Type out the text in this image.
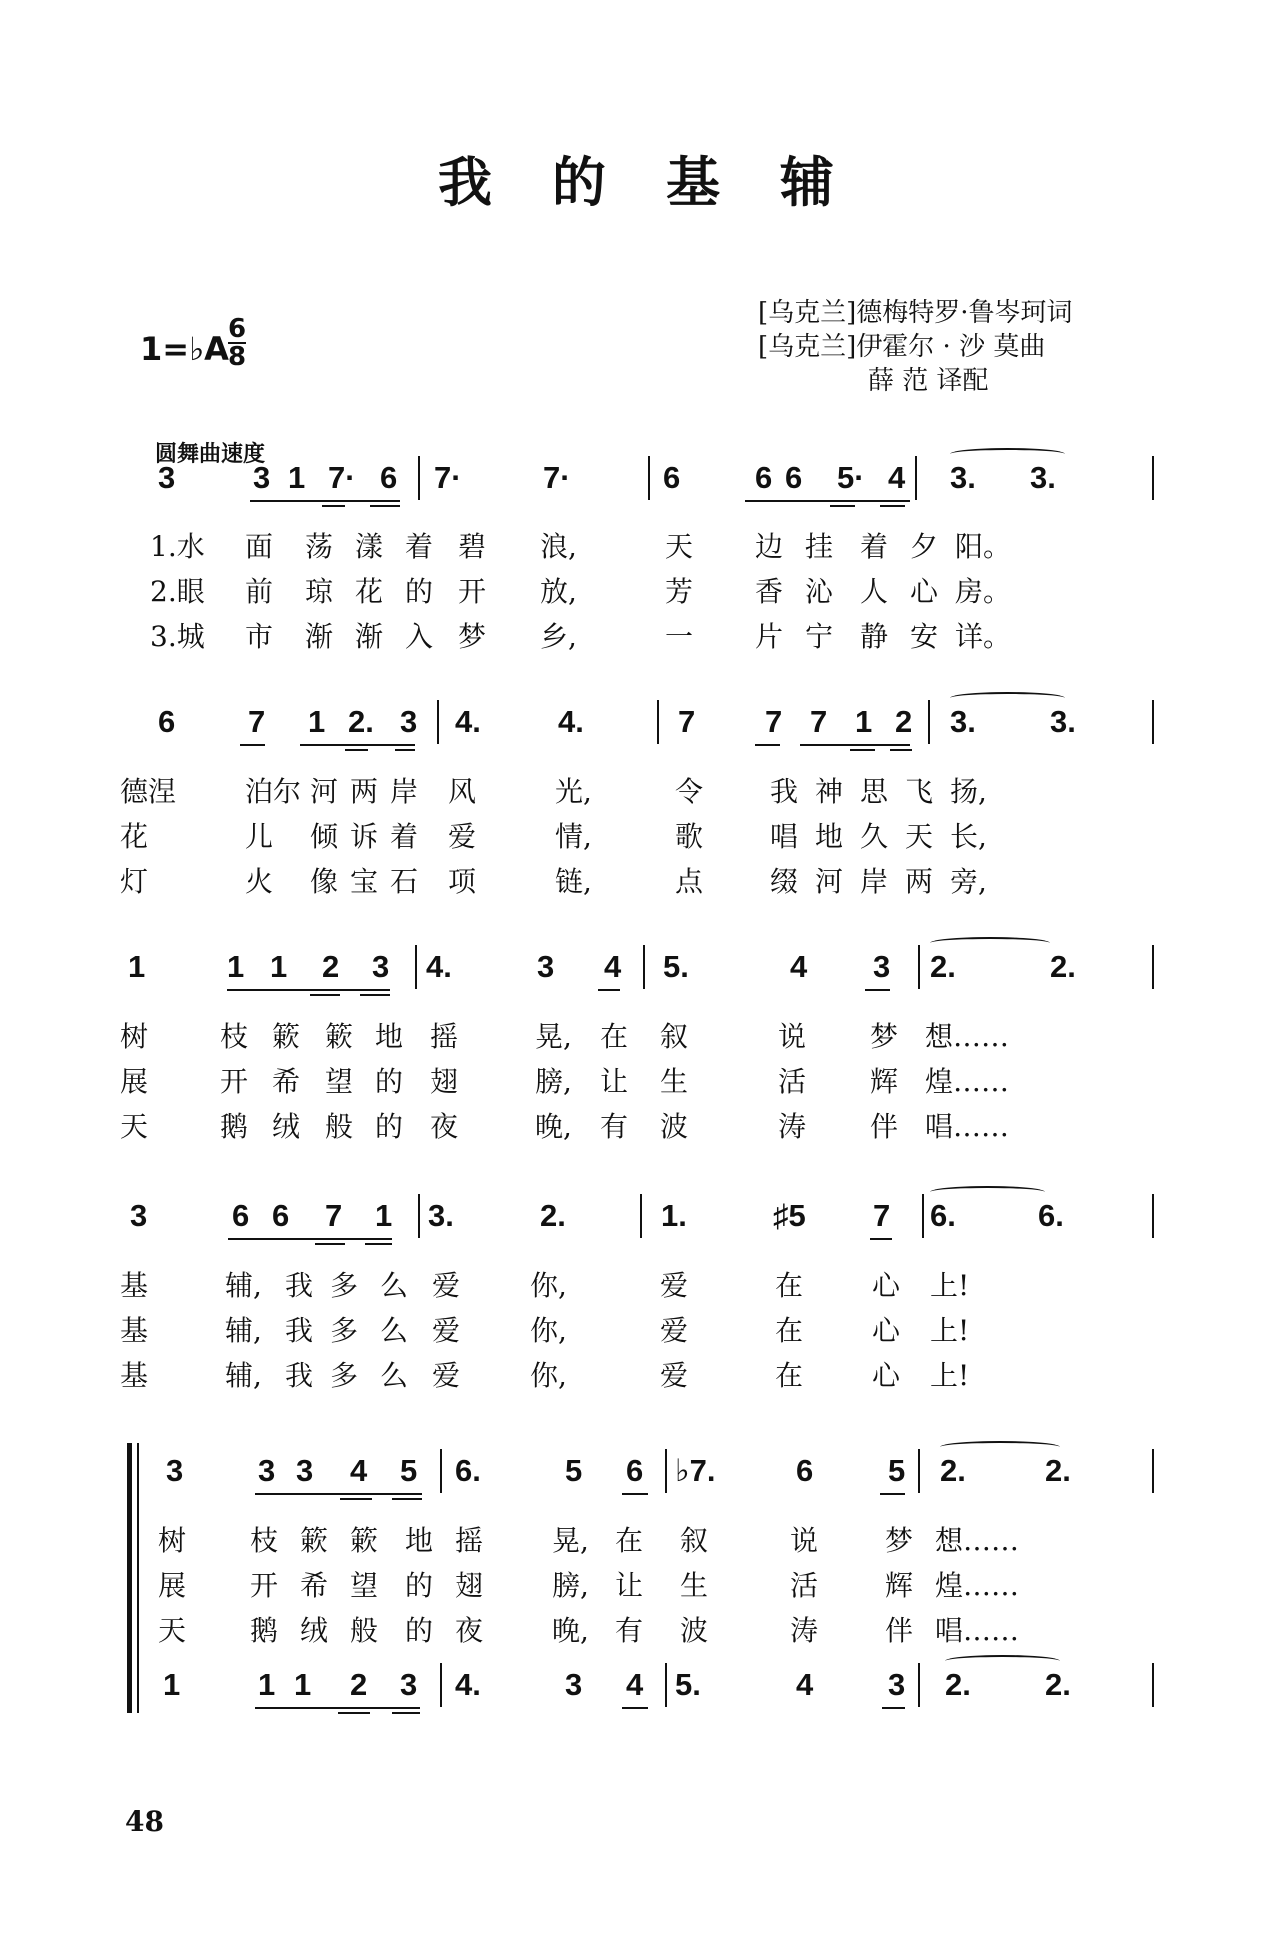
我的基辅
[乌克兰]德梅特罗·鲁岑珂词
[乌克兰]伊霍尔 · 沙 莫曲
薛 范 译配
1=♭A
6
8
圆舞曲速度
3	3 1 7· 6 7·	7·	6 6 6 5· 4 3. 3.
1.水 面 荡 漾 着 碧 浪,	天 边 挂 着 夕 阳。
2.眼 前 琼 花 的 开 放,	芳 香 沁 人 心 房。
3.城 市 渐 渐 入 梦 乡,	一 片 宁 静 安 详。
6 7 1 2. 3 4. 4.	7 7 7 1 2 3. 3.
德涅 泊尔 河 两 岸 风	光,	令 我 神 思 飞 扬,
花	儿 倾 诉 着 爱	情,	歌 唱 地 久 天 长,
灯	火 像 宝 石 项	链,	点 缀 河 岸 两 旁,
1	1 1 2 3 4.	3 4 5.	4 3 2.	2.
树	枝 簌 簌 地 摇	晃, 在 叙	说 梦 想……
展	开 希 望 的 翅	膀, 让 生	活 辉 煌……
天	鹅 绒 般 的 夜	晚, 有 波	涛 伴 唱……
3	6 6 7 1 3.	2.	1.	♯5 7 6.	6.
基	辅, 我 多 么 爱 你,	爱	在 心 上!
基	辅, 我 多 么 爱 你,	爱	在 心 上!
基	辅, 我 多 么 爱 你,	爱	在 心 上!
3 3 3 4 5 6.	5 6 ♭7.	6 5 2.	2.
树 枝 簌 簌 地 摇 晃, 在 叙	说 梦 想……
展 开 希 望 的 翅 膀, 让 生	活 辉 煌……
天 鹅 绒 般 的 夜 晚, 有 波	涛 伴 唱……
1	1 1 2 3 4.	3 4 5.	4 3 2. 2.
48
